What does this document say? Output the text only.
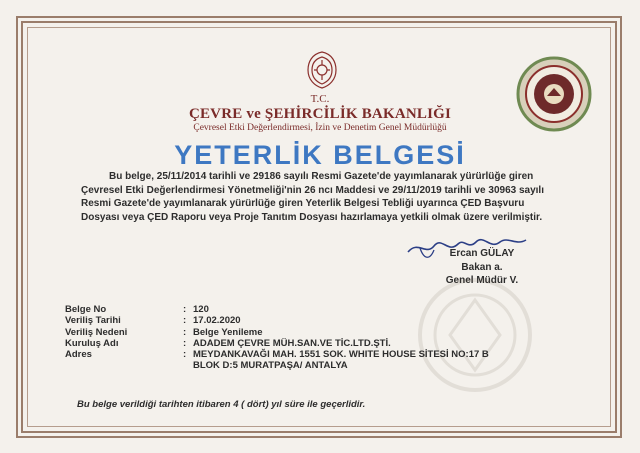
T.C.
ÇEVRE ve ŞEHİRCİLİK BAKANLIĞI
Çevresel Etki Değerlendirmesi, İzin ve Denetim Genel Müdürlüğü
YETERLİK BELGESİ
Bu belge, 25/11/2014 tarihli ve 29186 sayılı Resmi Gazete'de yayımlanarak yürürlüğe giren Çevresel Etki Değerlendirmesi Yönetmeliği'nin 26 ncı Maddesi ve 29/11/2019 tarihli ve 30963 sayılı Resmi Gazete'de yayımlanarak yürürlüğe giren Yeterlik Belgesi Tebliği uyarınca ÇED Başvuru Dosyası veya ÇED Raporu veya Proje Tanıtım Dosyası hazırlamaya yetkili olmak üzere verilmiştir.
Ercan GÜLAY
Bakan a.
Genel Müdür V.
Belge No	: 120
Veriliş Tarihi	: 17.02.2020
Veriliş Nedeni	: Belge Yenileme
Kuruluş Adı	: ADADEM ÇEVRE MÜH.SAN.VE TİC.LTD.ŞTİ.
Adres	: MEYDANKAVAĞI MAH. 1551 SOK. WHITE HOUSE SİTESİ NO:17 B
BLOK D:5 MURATPAŞA/ ANTALYA
Bu belge verildiği tarihten itibaren 4 ( dört) yıl süre ile geçerlidir.
